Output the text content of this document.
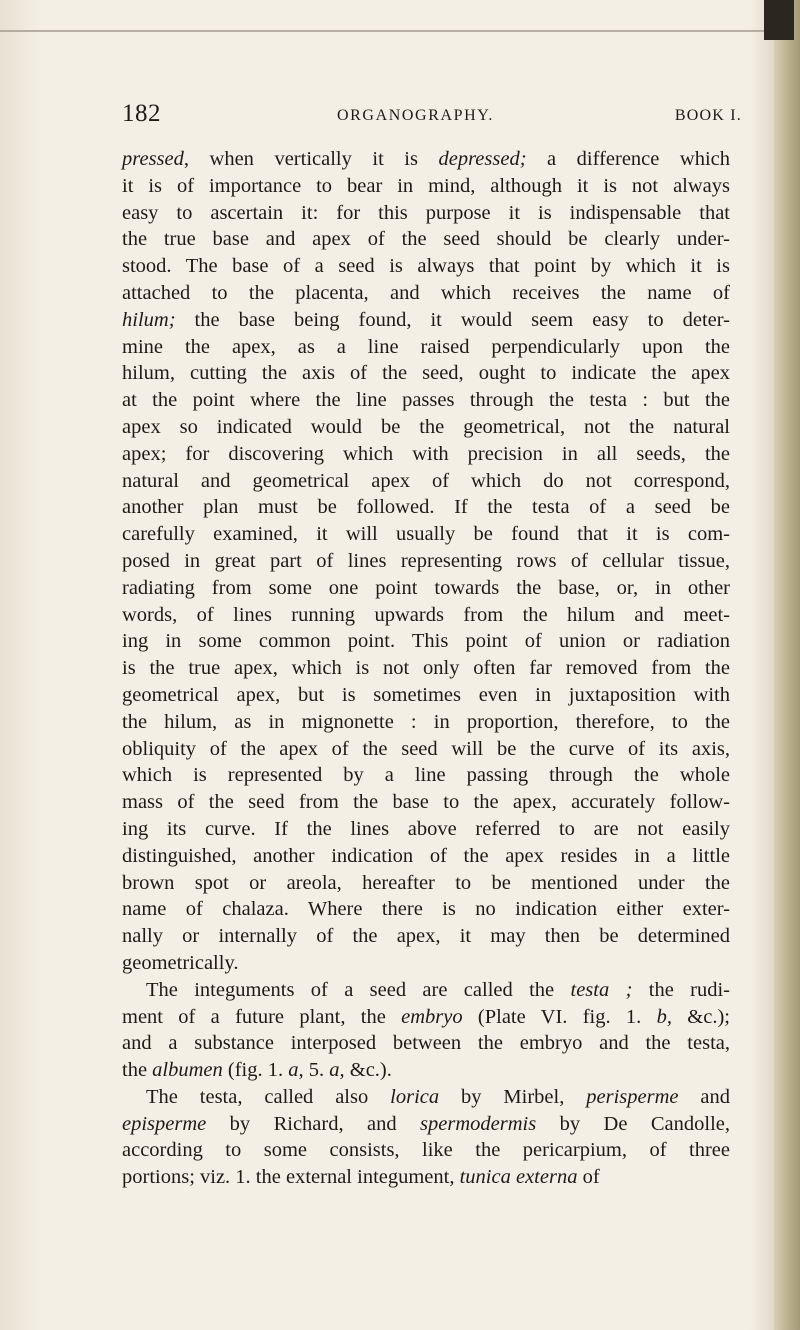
182	ORGANOGRAPHY.	BOOK I.
pressed, when vertically it is depressed; a difference which
it is of importance to bear in mind, although it is not always
easy to ascertain it: for this purpose it is indispensable that
the true base and apex of the seed should be clearly under-
stood. The base of a seed is always that point by which it is
attached to the placenta, and which receives the name of
hilum; the base being found, it would seem easy to deter-
mine the apex, as a line raised perpendicularly upon the
hilum, cutting the axis of the seed, ought to indicate the apex
at the point where the line passes through the testa : but the
apex so indicated would be the geometrical, not the natural
apex; for discovering which with precision in all seeds, the
natural and geometrical apex of which do not correspond,
another plan must be followed. If the testa of a seed be
carefully examined, it will usually be found that it is com-
posed in great part of lines representing rows of cellular tissue,
radiating from some one point towards the base, or, in other
words, of lines running upwards from the hilum and meet-
ing in some common point. This point of union or radiation
is the true apex, which is not only often far removed from the
geometrical apex, but is sometimes even in juxtaposition with
the hilum, as in mignonette : in proportion, therefore, to the
obliquity of the apex of the seed will be the curve of its axis,
which is represented by a line passing through the whole
mass of the seed from the base to the apex, accurately follow-
ing its curve. If the lines above referred to are not easily
distinguished, another indication of the apex resides in a little
brown spot or areola, hereafter to be mentioned under the
name of chalaza. Where there is no indication either exter-
nally or internally of the apex, it may then be determined
geometrically.
The integuments of a seed are called the testa ; the rudi-
ment of a future plant, the embryo (Plate VI. fig. 1. b, &c.);
and a substance interposed between the embryo and the testa,
the albumen (fig. 1. a, 5. a, &c.).
The testa, called also lorica by Mirbel, perisperme and
episperme by Richard, and spermodermis by De Candolle,
according to some consists, like the pericarpium, of three
portions; viz. 1. the external integument, tunica externa of
